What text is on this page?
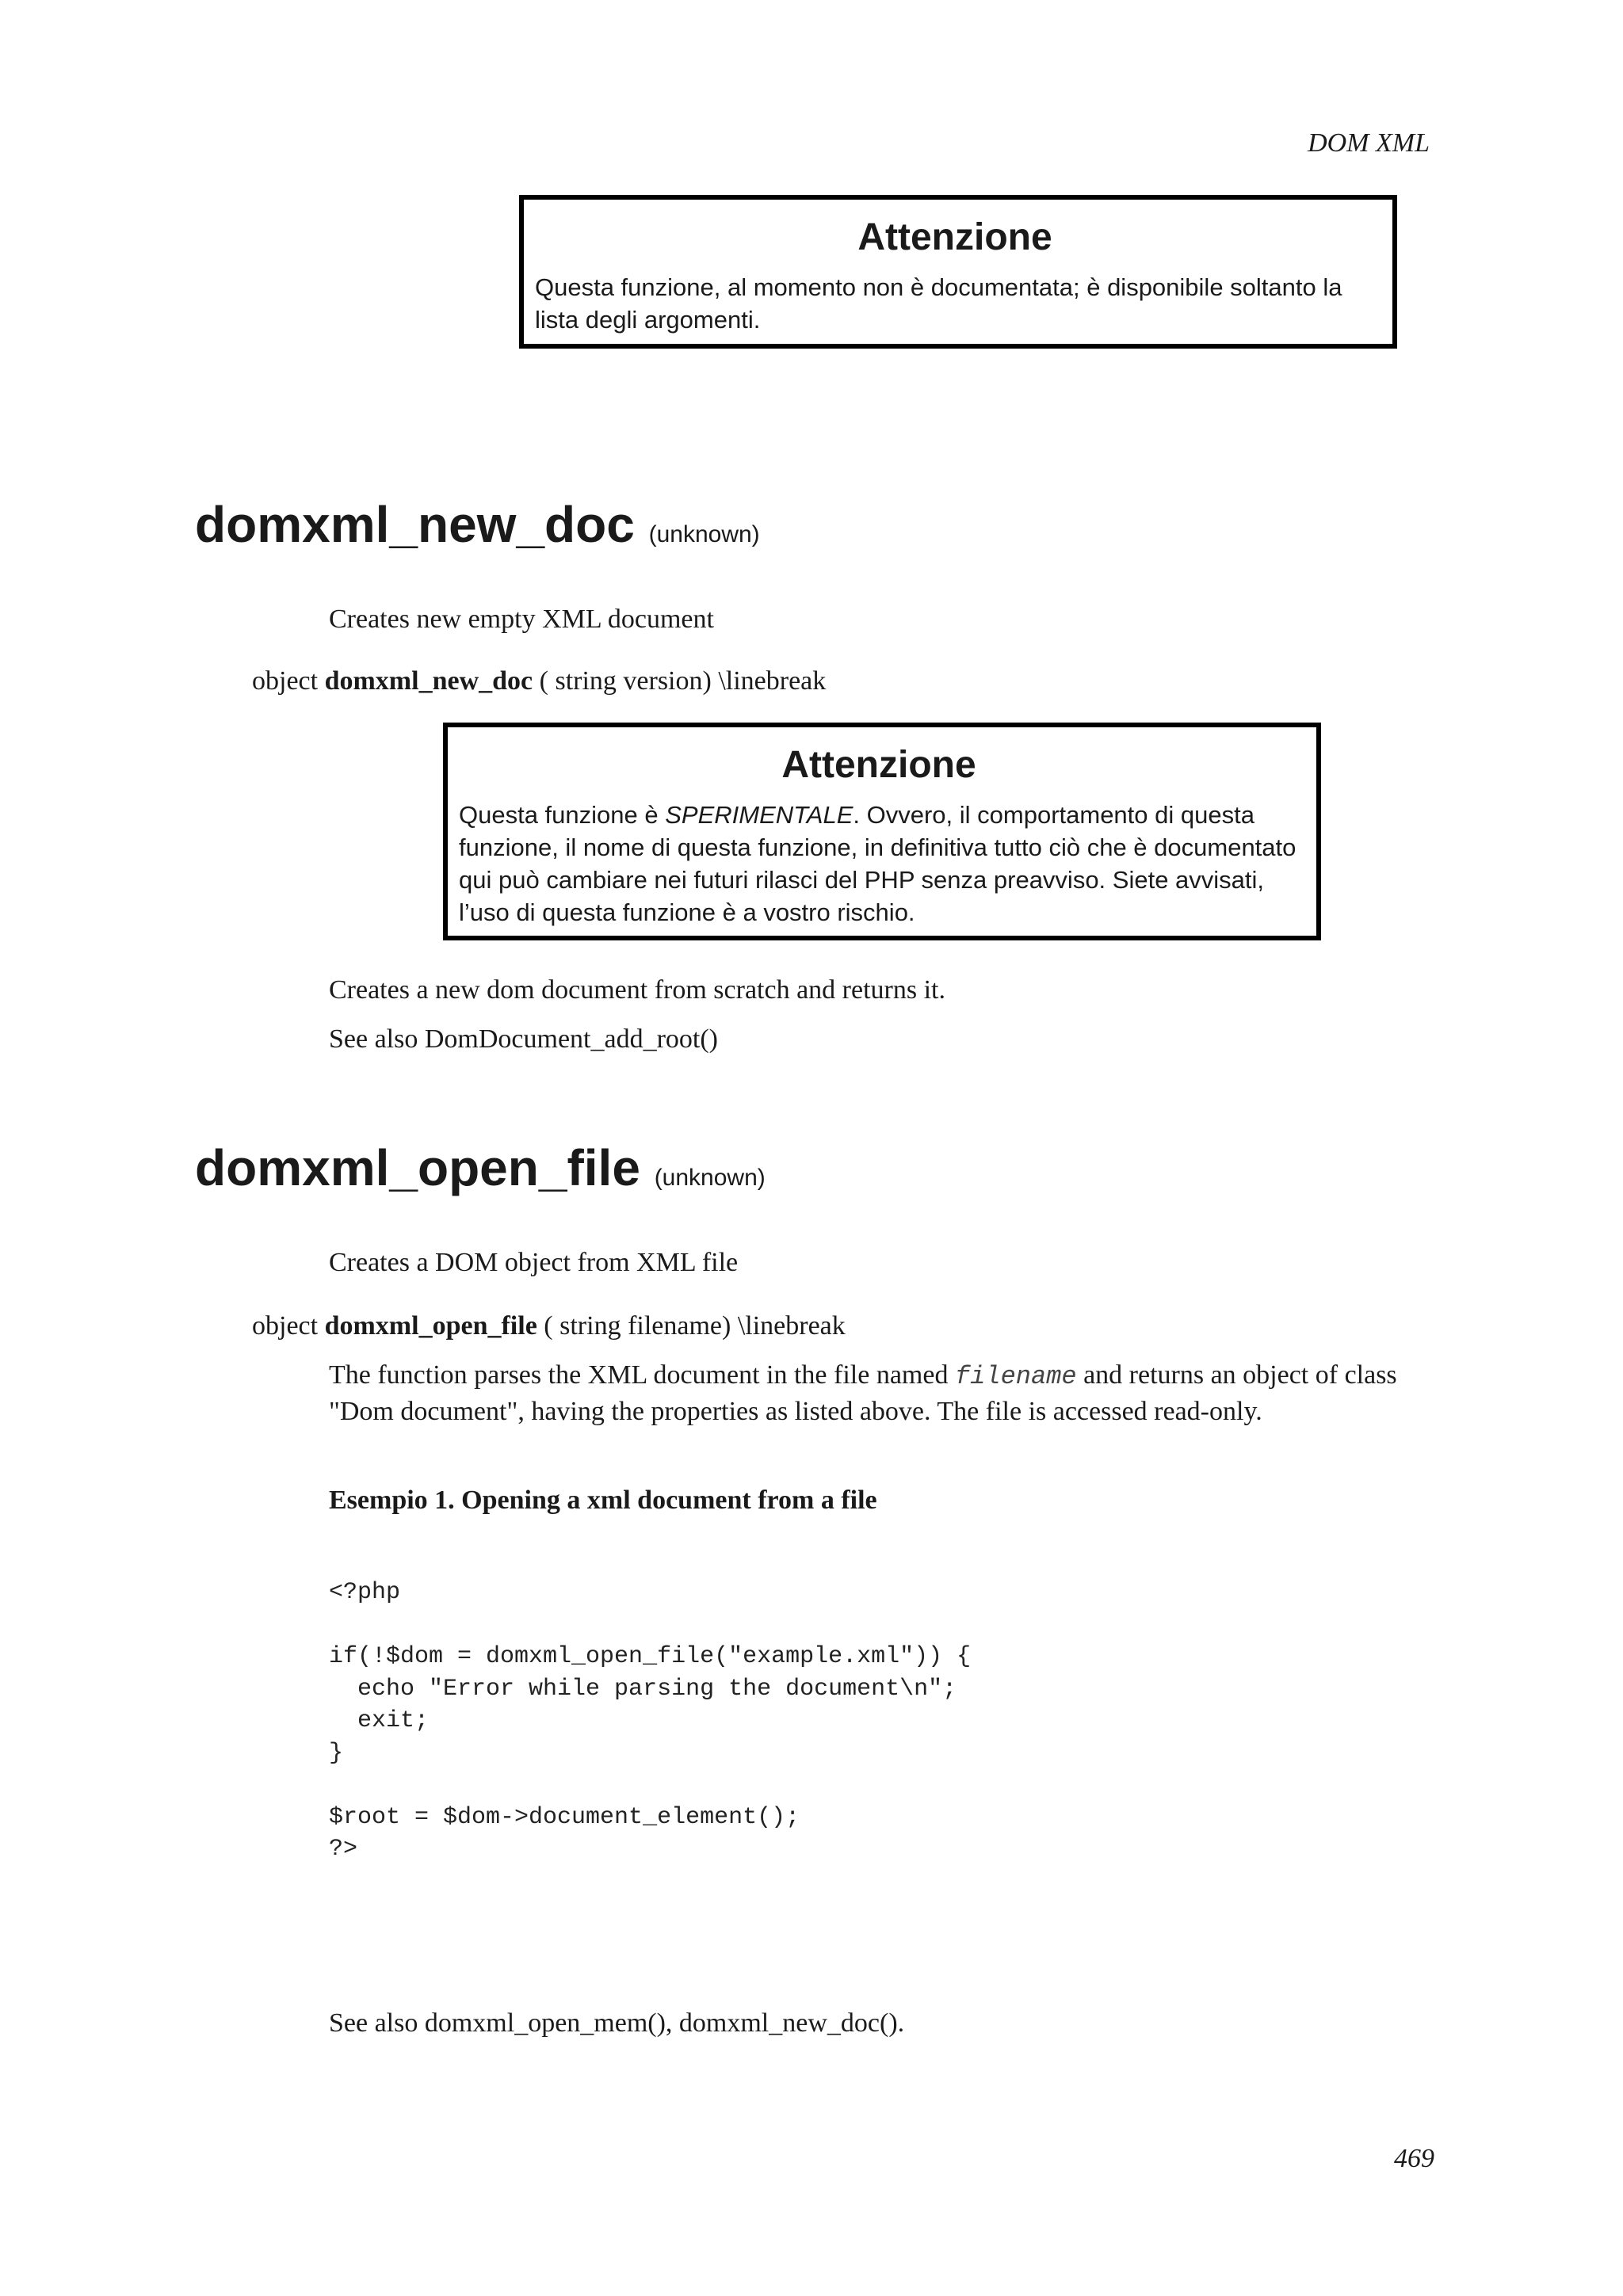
DOM XML
Attenzione
Questa funzione, al momento non è documentata; è disponibile soltanto la lista degli argomenti.
domxml_new_doc (unknown)
Creates new empty XML document
object domxml_new_doc ( string version) \linebreak
Attenzione
Questa funzione è SPERIMENTALE. Ovvero, il comportamento di questa funzione, il nome di questa funzione, in definitiva tutto ciò che è documentato qui può cambiare nei futuri rilasci del PHP senza preavviso. Siete avvisati, l’uso di questa funzione è a vostro rischio.
Creates a new dom document from scratch and returns it.
See also DomDocument_add_root()
domxml_open_file (unknown)
Creates a DOM object from XML file
object domxml_open_file ( string filename) \linebreak
The function parses the XML document in the file named filename and returns an object of class "Dom document", having the properties as listed above. The file is accessed read-only.
Esempio 1. Opening a xml document from a file
<?php

if(!$dom = domxml_open_file("example.xml")) {
echo "Error while parsing the document\n";
exit;
}

$root = $dom->document_element();
?>
See also domxml_open_mem(), domxml_new_doc().
469
